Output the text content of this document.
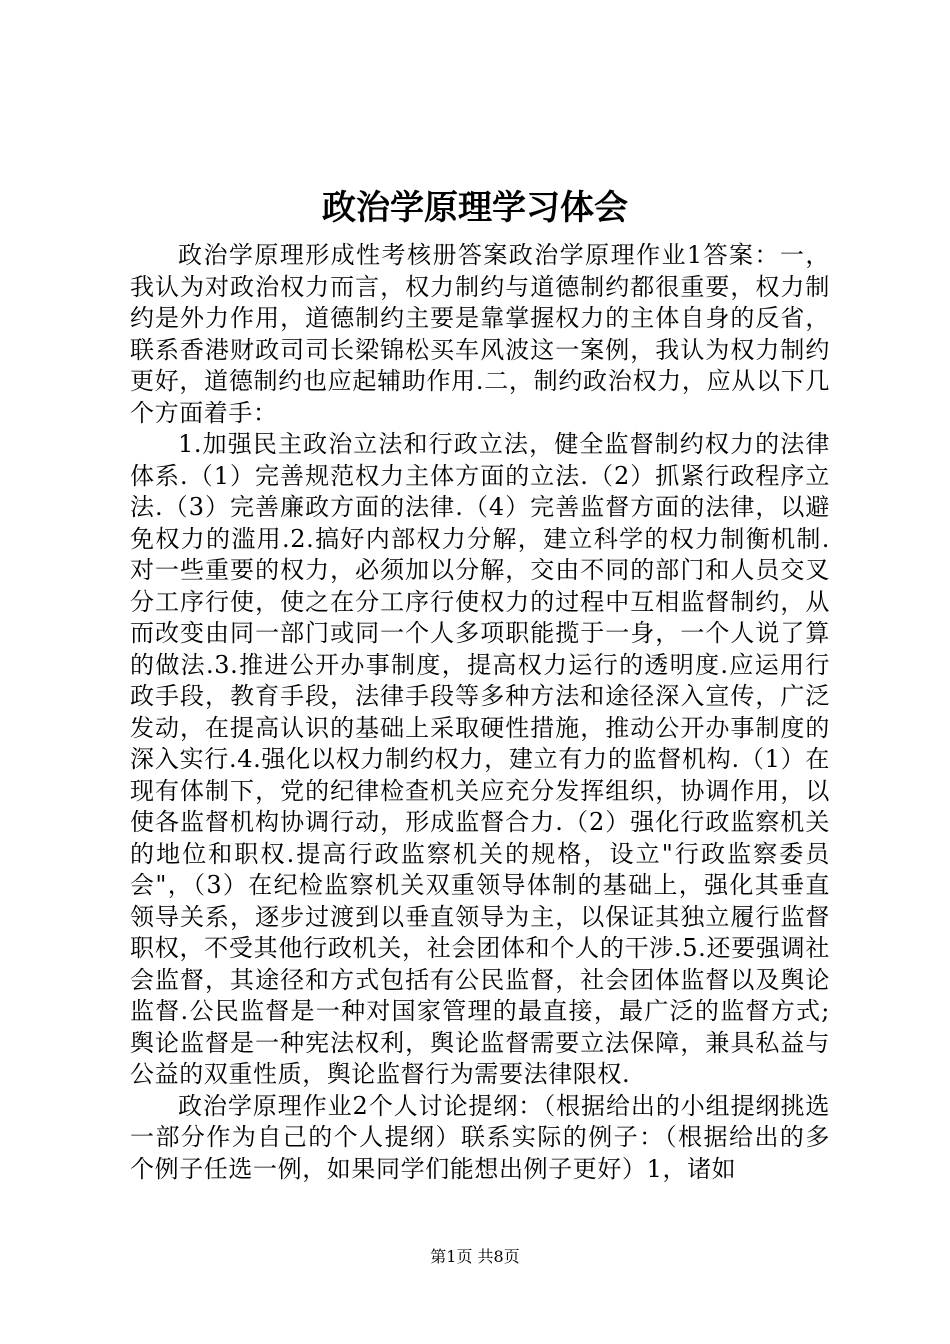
政治学原理学习体会

政治学原理形成性考核册答案政治学原理作业1答案：一，我认为对政治权力而言，权力制约与道德制约都很重要，权力制约是外力作用，道德制约主要是靠掌握权力的主体自身的反省，联系香港财政司司长梁锦松买车风波这一案例，我认为权力制约更好，道德制约也应起辅助作用.二，制约政治权力，应从以下几个方面着手：

1.加强民主政治立法和行政立法，健全监督制约权力的法律体系.（1）完善规范权力主体方面的立法.（2）抓紧行政程序立法.（3）完善廉政方面的法律.（4）完善监督方面的法律，以避免权力的滥用.2.搞好内部权力分解，建立科学的权力制衡机制.对一些重要的权力，必须加以分解，交由不同的部门和人员交叉分工序行使，使之在分工序行使权力的过程中互相监督制约，从而改变由同一部门或同一个人多项职能揽于一身，一个人说了算的做法.3.推进公开办事制度，提高权力运行的透明度.应运用行政手段，教育手段，法律手段等多种方法和途径深入宣传，广泛发动，在提高认识的基础上采取硬性措施，推动公开办事制度的深入实行.4.强化以权力制约权力，建立有力的监督机构.（1）在现有体制下，党的纪律检查机关应充分发挥组织，协调作用，以使各监督机构协调行动，形成监督合力.（2）强化行政监察机关的地位和职权.提高行政监察机关的规格，设立"行政监察委员会"，（3）在纪检监察机关双重领导体制的基础上，强化其垂直领导关系，逐步过渡到以垂直领导为主，以保证其独立履行监督职权，不受其他行政机关，社会团体和个人的干涉.5.还要强调社会监督，其途径和方式包括有公民监督，社会团体监督以及舆论监督.公民监督是一种对国家管理的最直接，最广泛的监督方式;舆论监督是一种宪法权利，舆论监督需要立法保障，兼具私益与公益的双重性质，舆论监督行为需要法律限权.

政治学原理作业2个人讨论提纲：（根据给出的小组提纲挑选一部分作为自己的个人提纲）联系实际的例子：（根据给出的多个例子任选一例，如果同学们能想出例子更好）1，诸如

第1页 共8页
